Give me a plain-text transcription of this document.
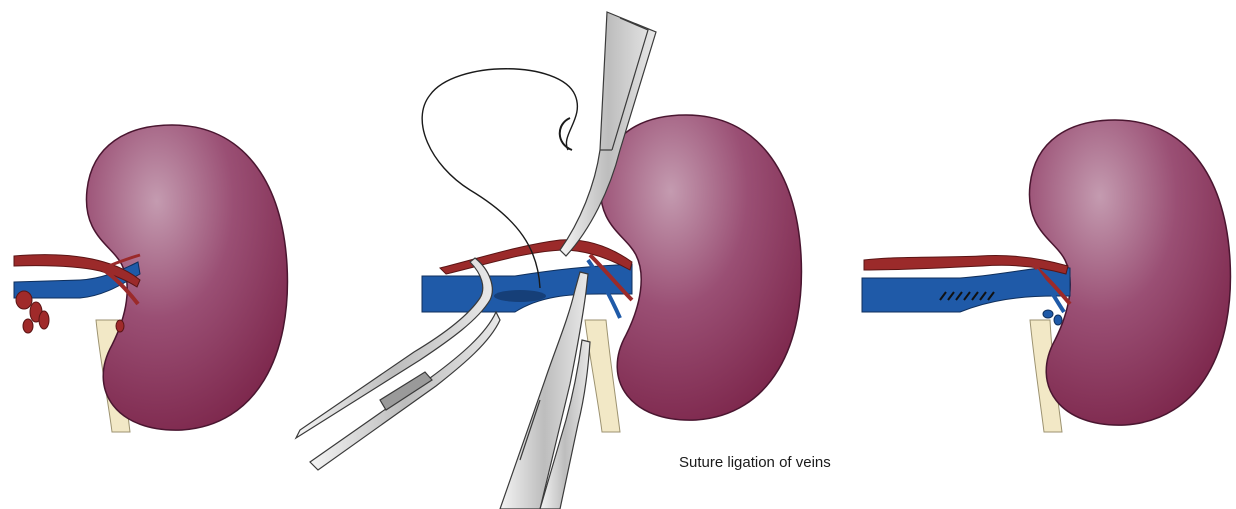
Suture ligation of veins
